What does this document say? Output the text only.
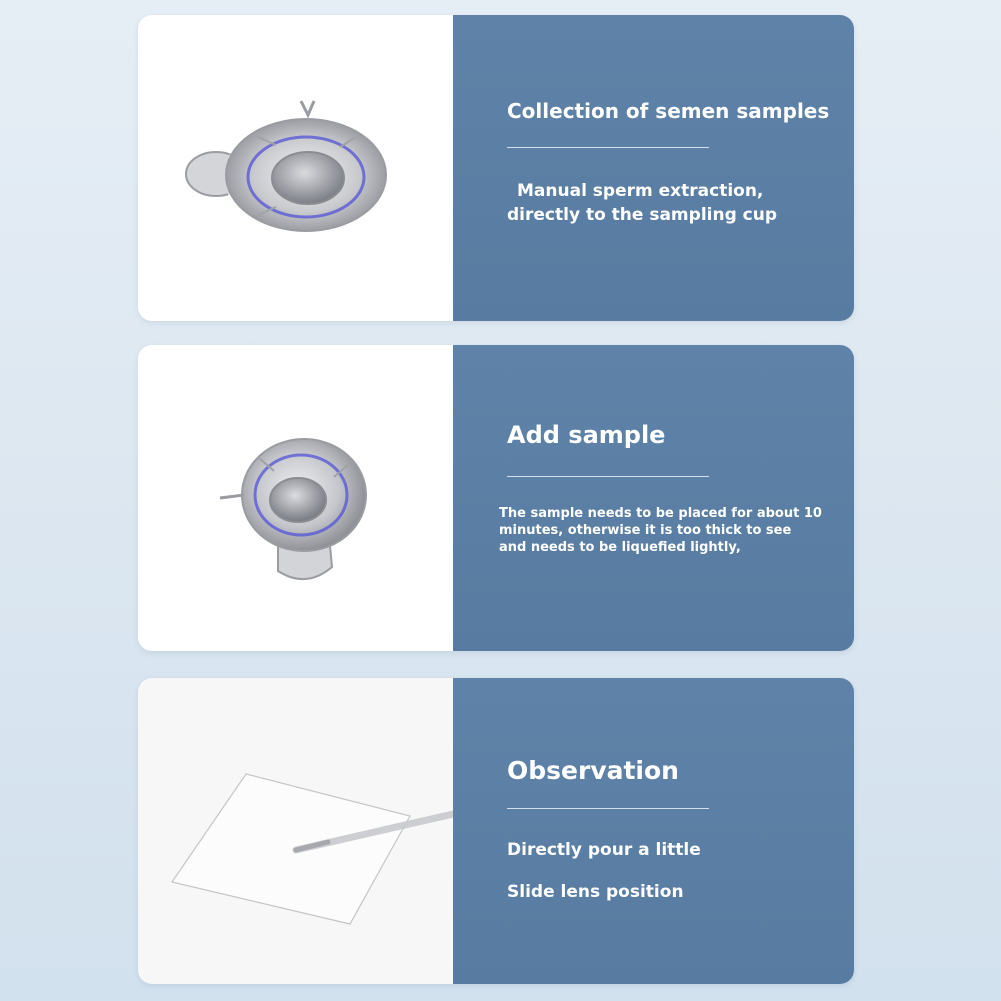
Collection of semen samples
Manual sperm extraction,
directly to the sampling cup
Add sample
The sample needs to be placed for about 10
minutes, otherwise it is too thick to see
and needs to be liquefied lightly,
Observation
Directly pour a little
Slide lens position
